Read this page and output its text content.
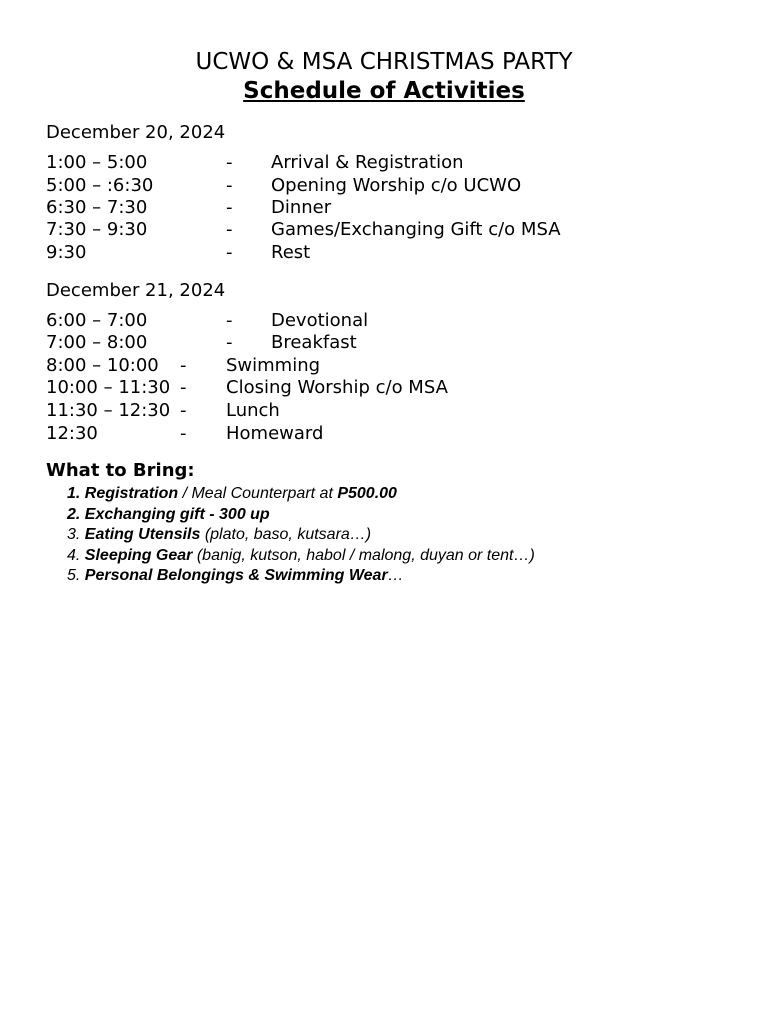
UCWO & MSA CHRISTMAS PARTY
Schedule of Activities
December 20, 2024
1:00 – 5:00	- Arrival & Registration
5:00 – :6:30	- Opening Worship c/o UCWO
6:30 – 7:30	- Dinner
7:30 – 9:30	- Games/Exchanging Gift c/o MSA
9:30	- Rest
December 21, 2024
6:00 – 7:00	- Devotional
7:00 – 8:00	- Breakfast
8:00 – 10:00 - Swimming
10:00 – 11:30 - Closing Worship c/o MSA
11:30 – 12:30 - Lunch
12:30	- Homeward
What to Bring:
1. Registration / Meal Counterpart at P500.00
2. Exchanging gift - 300 up
3. Eating Utensils (plato, baso, kutsara…)
4. Sleeping Gear (banig, kutson, habol / malong, duyan or tent…)
5. Personal Belongings & Swimming Wear…
